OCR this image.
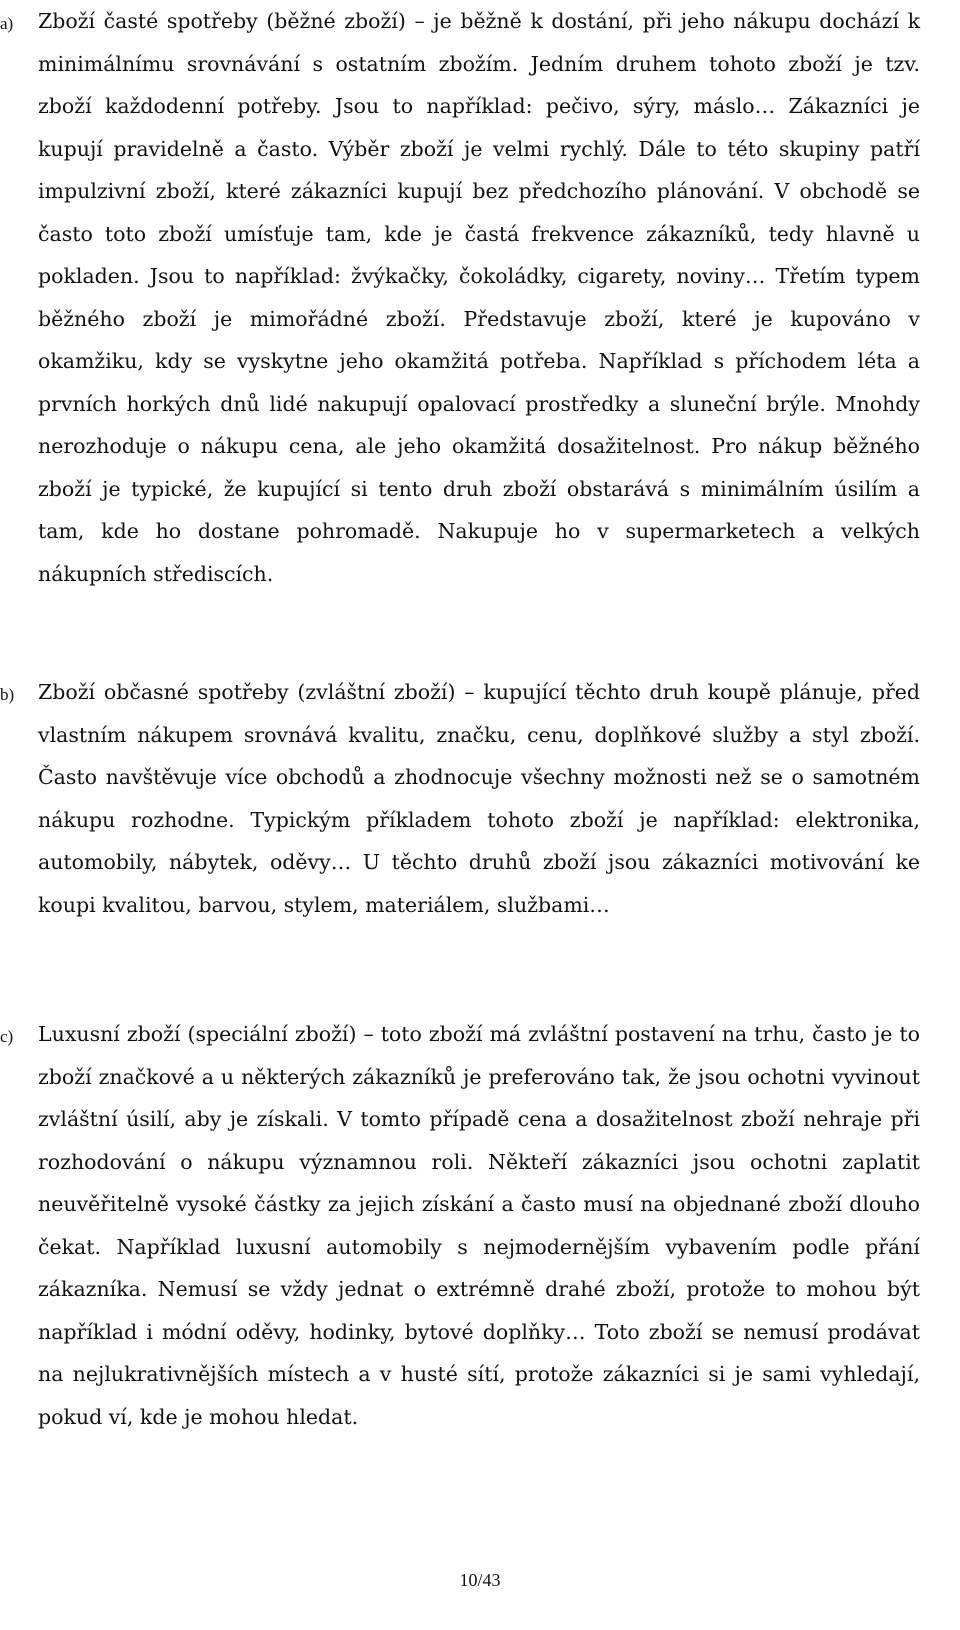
a)	Zboží časté spotřeby (běžné zboží) – je běžně k dostání, při jeho nákupu dochází k minimálnímu srovnávání s ostatním zbožím. Jedním druhem tohoto zboží je tzv. zboží každodenní potřeby. Jsou to například: pečivo, sýry, máslo… Zákazníci je kupují pravidelně a často. Výběr zboží je velmi rychlý. Dále to této skupiny patří impulzivní zboží, které zákazníci kupují bez předchozího plánování. V obchodě se často toto zboží umísťuje tam, kde je častá frekvence zákazníků, tedy hlavně u pokladen. Jsou to například: žvýkačky, čokoládky, cigarety, noviny… Třetím typem běžného zboží je mimořádné zboží. Představuje zboží, které je kupováno v okamžiku, kdy se vyskytne jeho okamžitá potřeba. Například s příchodem léta a prvních horkých dnů lidé nakupují opalovací prostředky a sluneční brýle. Mnohdy nerozhoduje o nákupu cena, ale jeho okamžitá dosažitelnost. Pro nákup běžného zboží je typické, že kupující si tento druh zboží obstarává s minimálním úsilím a tam, kde ho dostane pohromadě. Nakupuje ho v supermarketech a velkých nákupních střediscích.

b)	Zboží občasné spotřeby (zvláštní zboží) – kupující těchto druh koupě plánuje, před vlastním nákupem srovnává kvalitu, značku, cenu, doplňkové služby a styl zboží. Často navštěvuje více obchodů a zhodnocuje všechny možnosti než se o samotném nákupu rozhodne. Typickým příkladem tohoto zboží je například: elektronika, automobily, nábytek, oděvy… U těchto druhů zboží jsou zákazníci motivování ke koupi kvalitou, barvou, stylem, materiálem, službami…

c)	Luxusní zboží (speciální zboží) – toto zboží má zvláštní postavení na trhu, často je to zboží značkové a u některých zákazníků je preferováno tak, že jsou ochotni vyvinout zvláštní úsilí, aby je získali. V tomto případě cena a dosažitelnost zboží nehraje při rozhodování o nákupu významnou roli. Někteří zákazníci jsou ochotni zaplatit neuvěřitelně vysoké částky za jejich získání a často musí na objednané zboží dlouho čekat. Například luxusní automobily s nejmodernějším vybavením podle přání zákazníka. Nemusí se vždy jednat o extrémně drahé zboží, protože to mohou být například i módní oděvy, hodinky, bytové doplňky… Toto zboží se nemusí prodávat na nejlukrativnějších místech a v husté sítí, protože zákazníci si je sami vyhledají, pokud ví, kde je mohou hledat.

10/43
